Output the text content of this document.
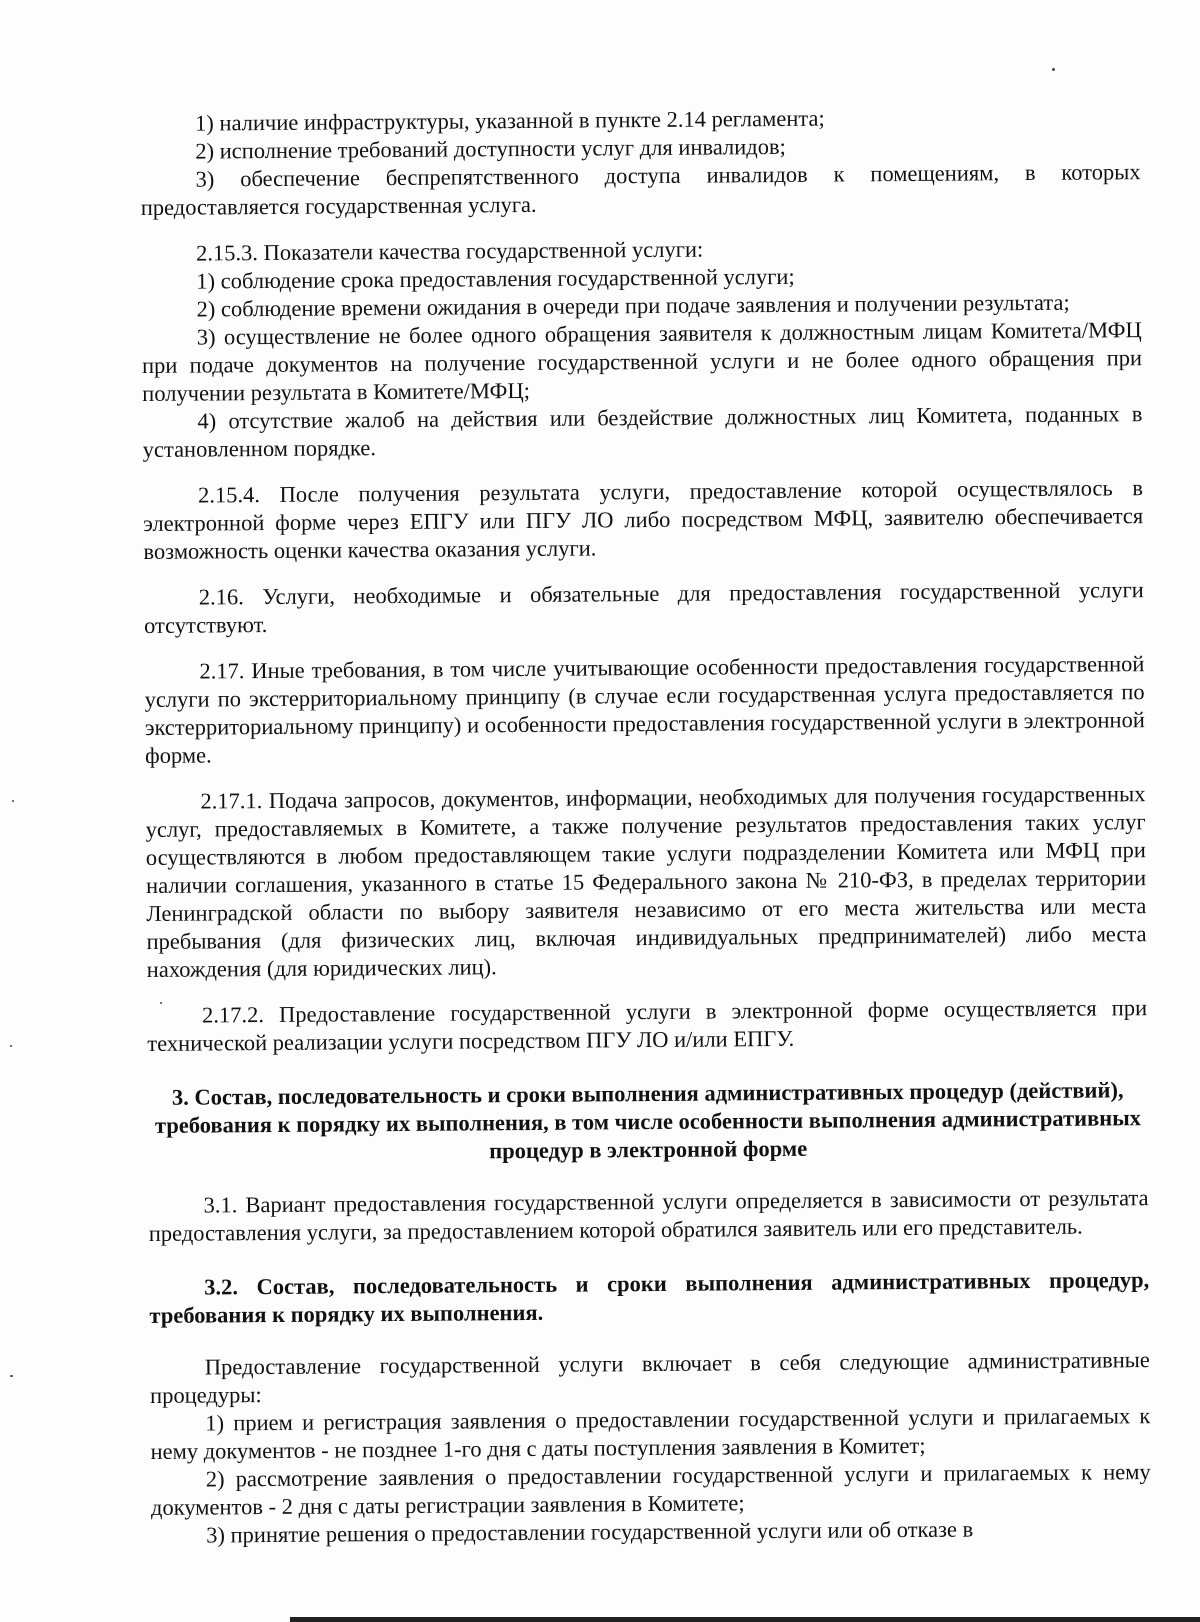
1) наличие инфраструктуры, указанной в пункте 2.14 регламента;

2) исполнение требований доступности услуг для инвалидов;

3) обеспечение беспрепятственного доступа инвалидов к помещениям, в которых предоставляется государственная услуга.

2.15.3. Показатели качества государственной услуги:

1) соблюдение срока предоставления государственной услуги;

2) соблюдение времени ожидания в очереди при подаче заявления и получении результата;

3) осуществление не более одного обращения заявителя к должностным лицам Комитета/МФЦ при подаче документов на получение государственной услуги и не более одного обращения при получении результата в Комитете/МФЦ;

4) отсутствие жалоб на действия или бездействие должностных лиц Комитета, поданных в установленном порядке.

2.15.4. После получения результата услуги, предоставление которой осуществлялось в электронной форме через ЕПГУ или ПГУ ЛО либо посредством МФЦ, заявителю обеспечивается возможность оценки качества оказания услуги.

2.16. Услуги, необходимые и обязательные для предоставления государственной услуги отсутствуют.

2.17. Иные требования, в том числе учитывающие особенности предоставления государственной услуги по экстерриториальному принципу (в случае если государственная услуга предоставляется по экстерриториальному принципу) и особенности предоставления государственной услуги в электронной форме.

2.17.1. Подача запросов, документов, информации, необходимых для получения государственных услуг, предоставляемых в Комитете, а также получение результатов предоставления таких услуг осуществляются в любом предоставляющем такие услуги подразделении Комитета или МФЦ при наличии соглашения, указанного в статье 15 Федерального закона № 210-ФЗ, в пределах территории Ленинградской области по выбору заявителя независимо от его места жительства или места пребывания (для физических лиц, включая индивидуальных предпринимателей) либо места нахождения (для юридических лиц).

2.17.2. Предоставление государственной услуги в электронной форме осуществляется при технической реализации услуги посредством ПГУ ЛО и/или ЕПГУ.

3. Состав, последовательность и сроки выполнения административных процедур (действий), требования к порядку их выполнения, в том числе особенности выполнения административных процедур в электронной форме

3.1. Вариант предоставления государственной услуги определяется в зависимости от результата предоставления услуги, за предоставлением которой обратился заявитель или его представитель.

3.2. Состав, последовательность и сроки выполнения административных процедур, требования к порядку их выполнения.

Предоставление государственной услуги включает в себя следующие административные процедуры:

1) прием и регистрация заявления о предоставлении государственной услуги и прилагаемых к нему документов - не позднее 1-го дня с даты поступления заявления в Комитет;

2) рассмотрение заявления о предоставлении государственной услуги и прилагаемых к нему документов - 2 дня с даты регистрации заявления в Комитете;

3) принятие решения о предоставлении государственной услуги или об отказе в
